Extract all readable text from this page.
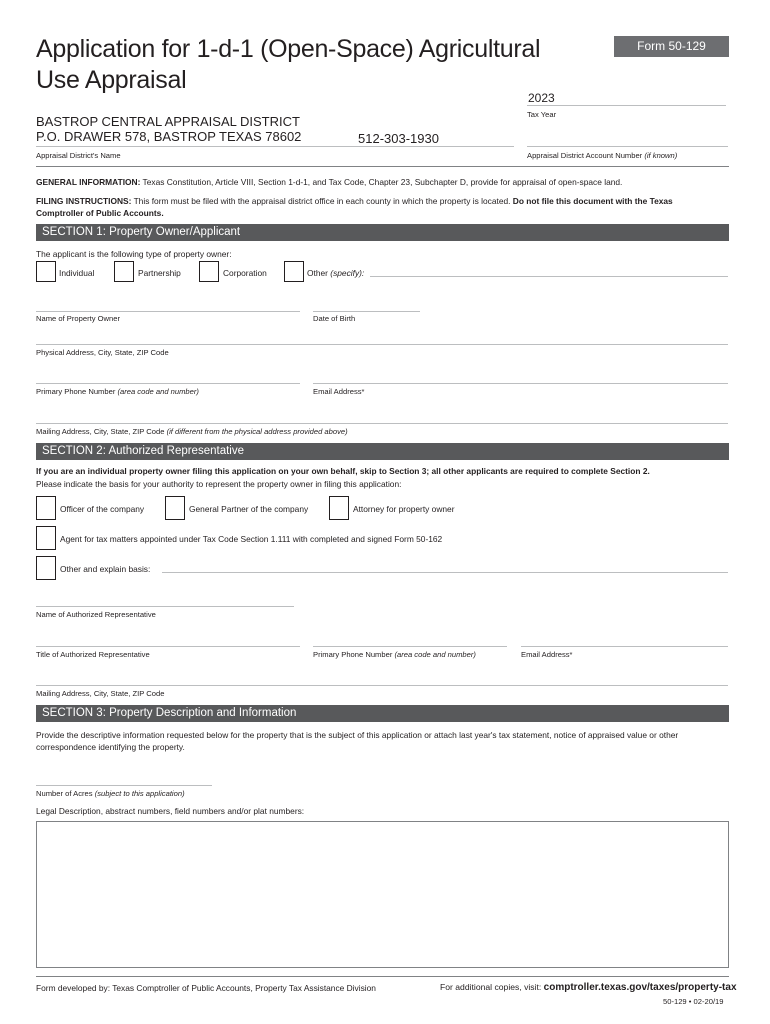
Application for 1-d-1 (Open-Space) Agricultural
Use Appraisal
Form 50-129
2023
Tax Year
BASTROP CENTRAL APPRAISAL DISTRICT
P.O. DRAWER 578, BASTROP TEXAS 78602	512-303-1930
Appraisal District's Name	Appraisal District Account Number (if known)
GENERAL INFORMATION: Texas Constitution, Article VIII, Section 1-d-1, and Tax Code, Chapter 23, Subchapter D, provide for appraisal of open-space land.
FILING INSTRUCTIONS: This form must be filed with the appraisal district office in each county in which the property is located. Do not file this document with the Texas
Comptroller of Public Accounts.
SECTION 1: Property Owner/Applicant
The applicant is the following type of property owner:
Individual	Partnership	Corporation	Other (specify):
Name of Property Owner	Date of Birth
Physical Address, City, State, ZIP Code
Primary Phone Number (area code and number)	Email Address*
Mailing Address, City, State, ZIP Code (if different from the physical address provided above)
SECTION 2: Authorized Representative
If you are an individual property owner filing this application on your own behalf, skip to Section 3; all other applicants are required to complete Section 2.
Please indicate the basis for your authority to represent the property owner in filing this application:
Officer of the company	General Partner of the company	Attorney for property owner
Agent for tax matters appointed under Tax Code Section 1.111 with completed and signed Form 50-162
Other and explain basis:
Name of Authorized Representative
Title of Authorized Representative	Primary Phone Number (area code and number)	Email Address*
Mailing Address, City, State, ZIP Code
SECTION 3: Property Description and Information
Provide the descriptive information requested below for the property that is the subject of this application or attach last year's tax statement, notice of appraised value or other
correspondence identifying the property.
Number of Acres (subject to this application)
Legal Description, abstract numbers, field numbers and/or plat numbers:
Form developed by: Texas Comptroller of Public Accounts, Property Tax Assistance Division	For additional copies, visit: comptroller.texas.gov/taxes/property-tax
50-129 • 02-20/19
